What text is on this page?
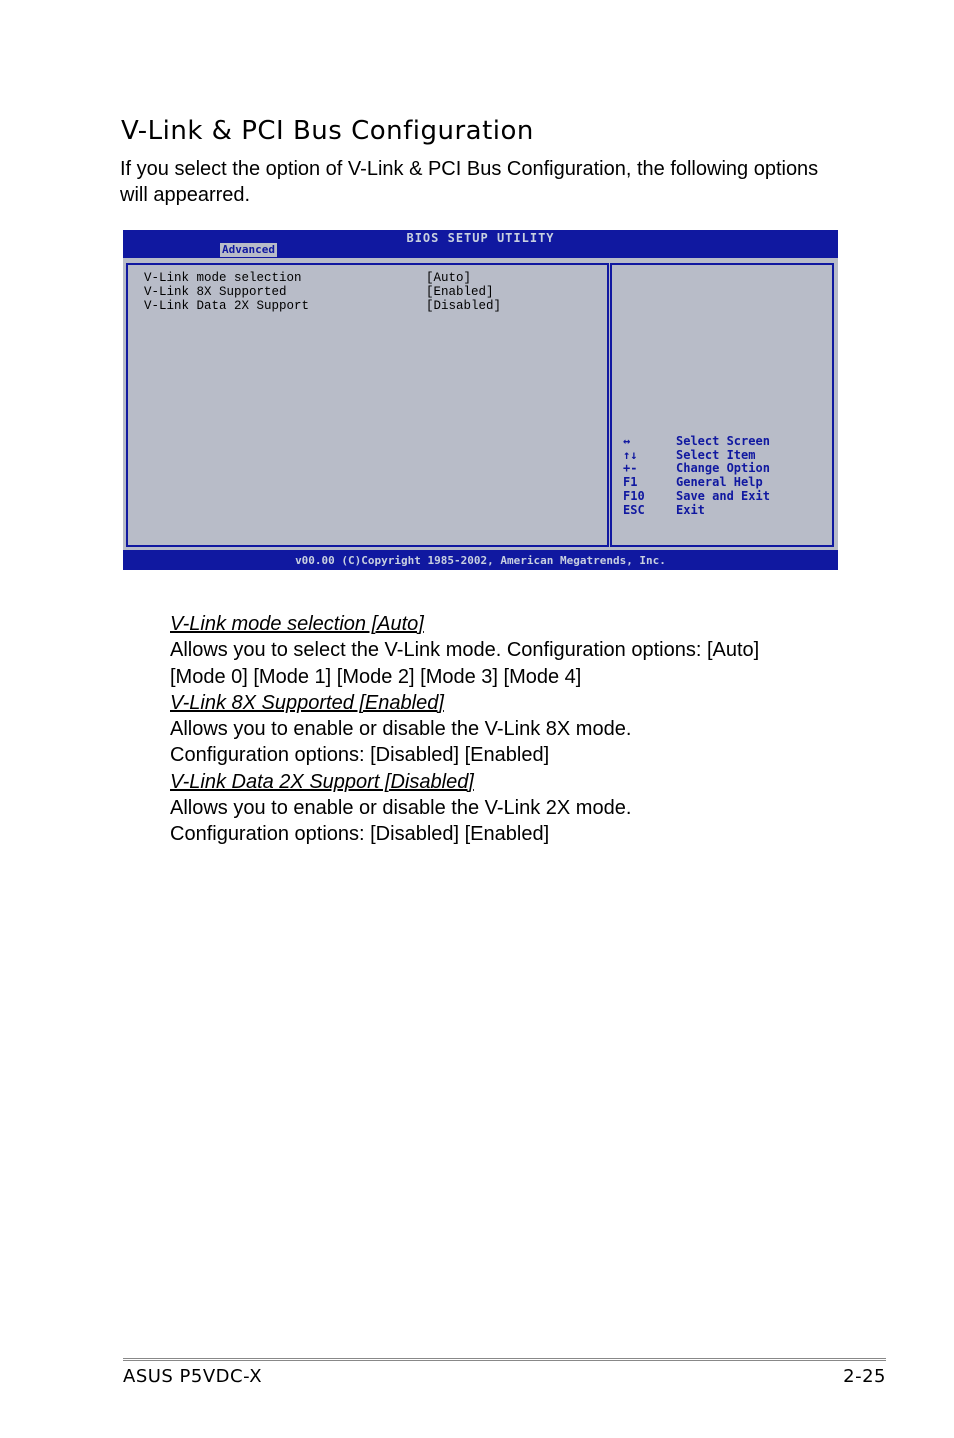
V-Link & PCI Bus Configuration
If you select the option of V-Link & PCI Bus Configuration, the following options will appearred.
BIOS SETUP UTILITY
Advanced
V-Link mode selection	[Auto]
V-Link 8X Supported	[Enabled]
V-Link Data 2X Support	[Disabled]
↔	Select Screen
↑↓	Select Item
+-	Change Option
F1	General Help
F10	Save and Exit
ESC	Exit
v00.00 (C)Copyright 1985-2002, American Megatrends, Inc.
V-Link mode selection [Auto]
Allows you to select the V-Link mode. Configuration options: [Auto]
[Mode 0] [Mode 1] [Mode 2] [Mode 3] [Mode 4]
V-Link 8X Supported [Enabled]
Allows you to enable or disable the V-Link 8X mode.
Configuration options: [Disabled] [Enabled]
V-Link Data 2X Support [Disabled]
Allows you to enable or disable the V-Link 2X mode.
Configuration options: [Disabled] [Enabled]
ASUS P5VDC-X	2-25
